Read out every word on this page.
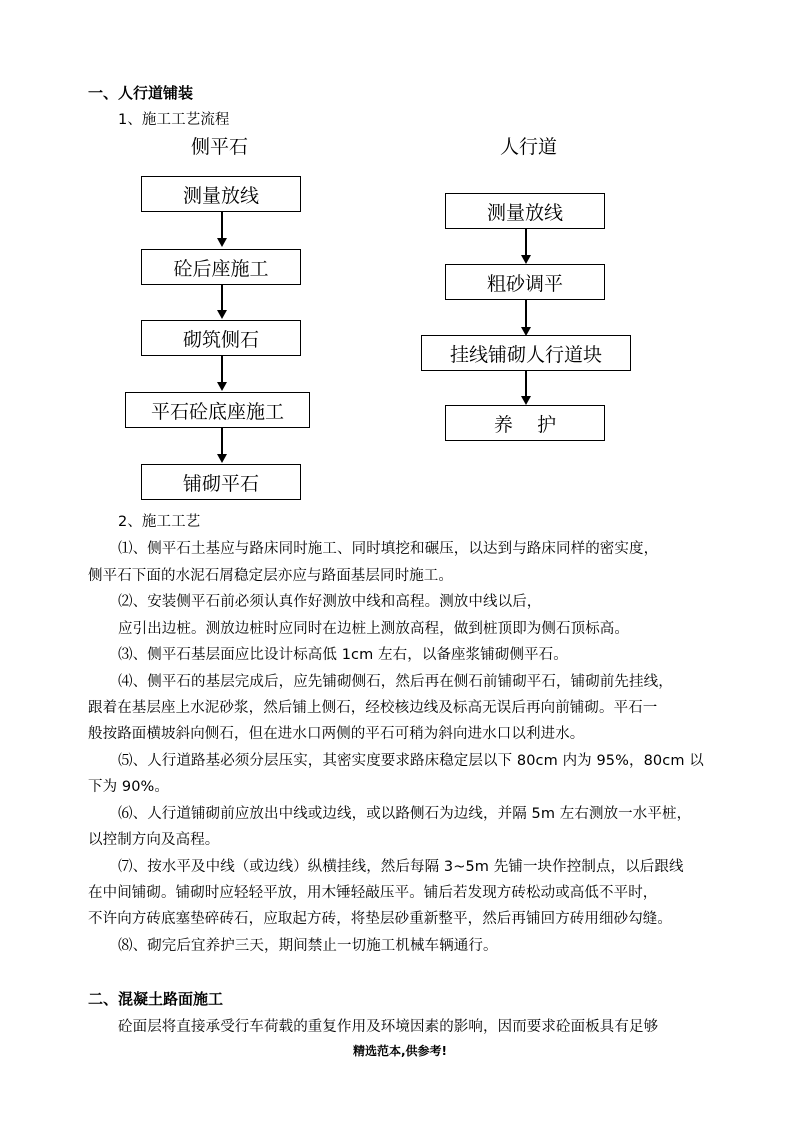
一、人行道铺装
1、施工工艺流程
侧平石
测量放线
砼后座施工
砌筑侧石
平石砼底座施工
铺砌平石
人行道
测量放线
粗砂调平
挂线铺砌人行道块
养    护
2、施工工艺
⑴、侧平石土基应与路床同时施工、同时填挖和碾压，以达到与路床同样的密实度，
侧平石下面的水泥石屑稳定层亦应与路面基层同时施工。
⑵、安装侧平石前必须认真作好测放中线和高程。测放中线以后，
应引出边桩。测放边桩时应同时在边桩上测放高程，做到桩顶即为侧石顶标高。
⑶、侧平石基层面应比设计标高低 1cm 左右，以备座浆铺砌侧平石。
⑷、侧平石的基层完成后，应先铺砌侧石，然后再在侧石前铺砌平石，铺砌前先挂线，
跟着在基层座上水泥砂浆，然后铺上侧石，经校核边线及标高无误后再向前铺砌。平石一
般按路面横坡斜向侧石，但在进水口两侧的平石可稍为斜向进水口以利进水。
⑸、人行道路基必须分层压实，其密实度要求路床稳定层以下 80cm 内为 95%，80cm 以
下为 90%。
⑹、人行道铺砌前应放出中线或边线，或以路侧石为边线，并隔 5m 左右测放一水平桩，
以控制方向及高程。
⑺、按水平及中线（或边线）纵横挂线，然后每隔 3~5m 先铺一块作控制点，以后跟线
在中间铺砌。铺砌时应轻轻平放，用木锤轻敲压平。铺后若发现方砖松动或高低不平时，
不许向方砖底塞垫碎砖石，应取起方砖，将垫层砂重新整平，然后再铺回方砖用细砂勾缝。
⑻、砌完后宜养护三天，期间禁止一切施工机械车辆通行。
二、混凝土路面施工
砼面层将直接承受行车荷载的重复作用及环境因素的影响，因而要求砼面板具有足够
精选范本,供参考!
